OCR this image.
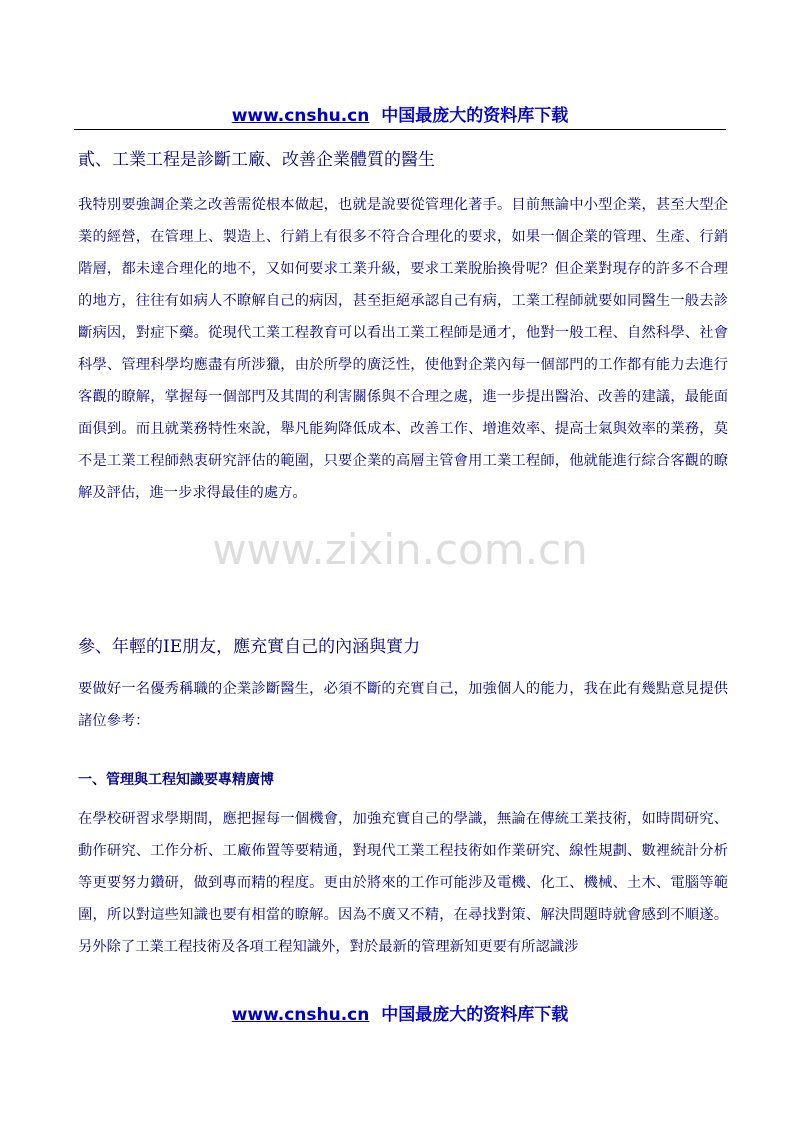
www.cnshu.cn 中国最庞大的资料库下载
貳、工業工程是診斷工廠、改善企業體質的醫生
我特別要強調企業之改善需從根本做起，也就是說要從管理化著手。目前無論中小型企業，甚至大型企業的經營，在管理上、製造上、行銷上有很多不符合合理化的要求，如果一個企業的管理、生產、行銷階層，都未達合理化的地不，又如何要求工業升級，要求工業脫胎換骨呢？但企業對現存的許多不合理的地方，往往有如病人不瞭解自己的病因，甚至拒絕承認自己有病，工業工程師就要如同醫生一般去診斷病因，對症下藥。從現代工業工程教育可以看出工業工程師是通才，他對一般工程、自然科學、社會科學、管理科學均應盡有所涉獵，由於所學的廣泛性，使他對企業內每一個部門的工作都有能力去進行客觀的瞭解，掌握每一個部門及其間的利害關係與不合理之處，進一步提出醫治、改善的建議，最能面面俱到。而且就業務特性來說，舉凡能夠降低成本、改善工作、增進效率、提高士氣與效率的業務，莫不是工業工程師熱衷研究評估的範圍，只要企業的高層主管會用工業工程師，他就能進行綜合客觀的瞭解及評估，進一步求得最佳的處方。
www.zixin.com.cn
參、年輕的IE朋友，應充實自己的內涵與實力
要做好一名優秀稱職的企業診斷醫生，必須不斷的充實自己，加強個人的能力，我在此有幾點意見提供諸位參考：
一、管理與工程知識要專精廣博
在學校研習求學期間，應把握每一個機會，加強充實自己的學識，無論在傳統工業技術，如時間研究、動作研究、工作分析、工廠佈置等要精通，對現代工業工程技術如作業研究、線性規劃、數裡統計分析等更要努力鑽研，做到專而精的程度。更由於將來的工作可能涉及電機、化工、機械、土木、電腦等範圍，所以對這些知識也要有相當的瞭解。因為不廣又不精，在尋找對策、解決問題時就會感到不順遂。另外除了工業工程技術及各項工程知識外，對於最新的管理新知更要有所認識涉
www.cnshu.cn 中国最庞大的资料库下载
